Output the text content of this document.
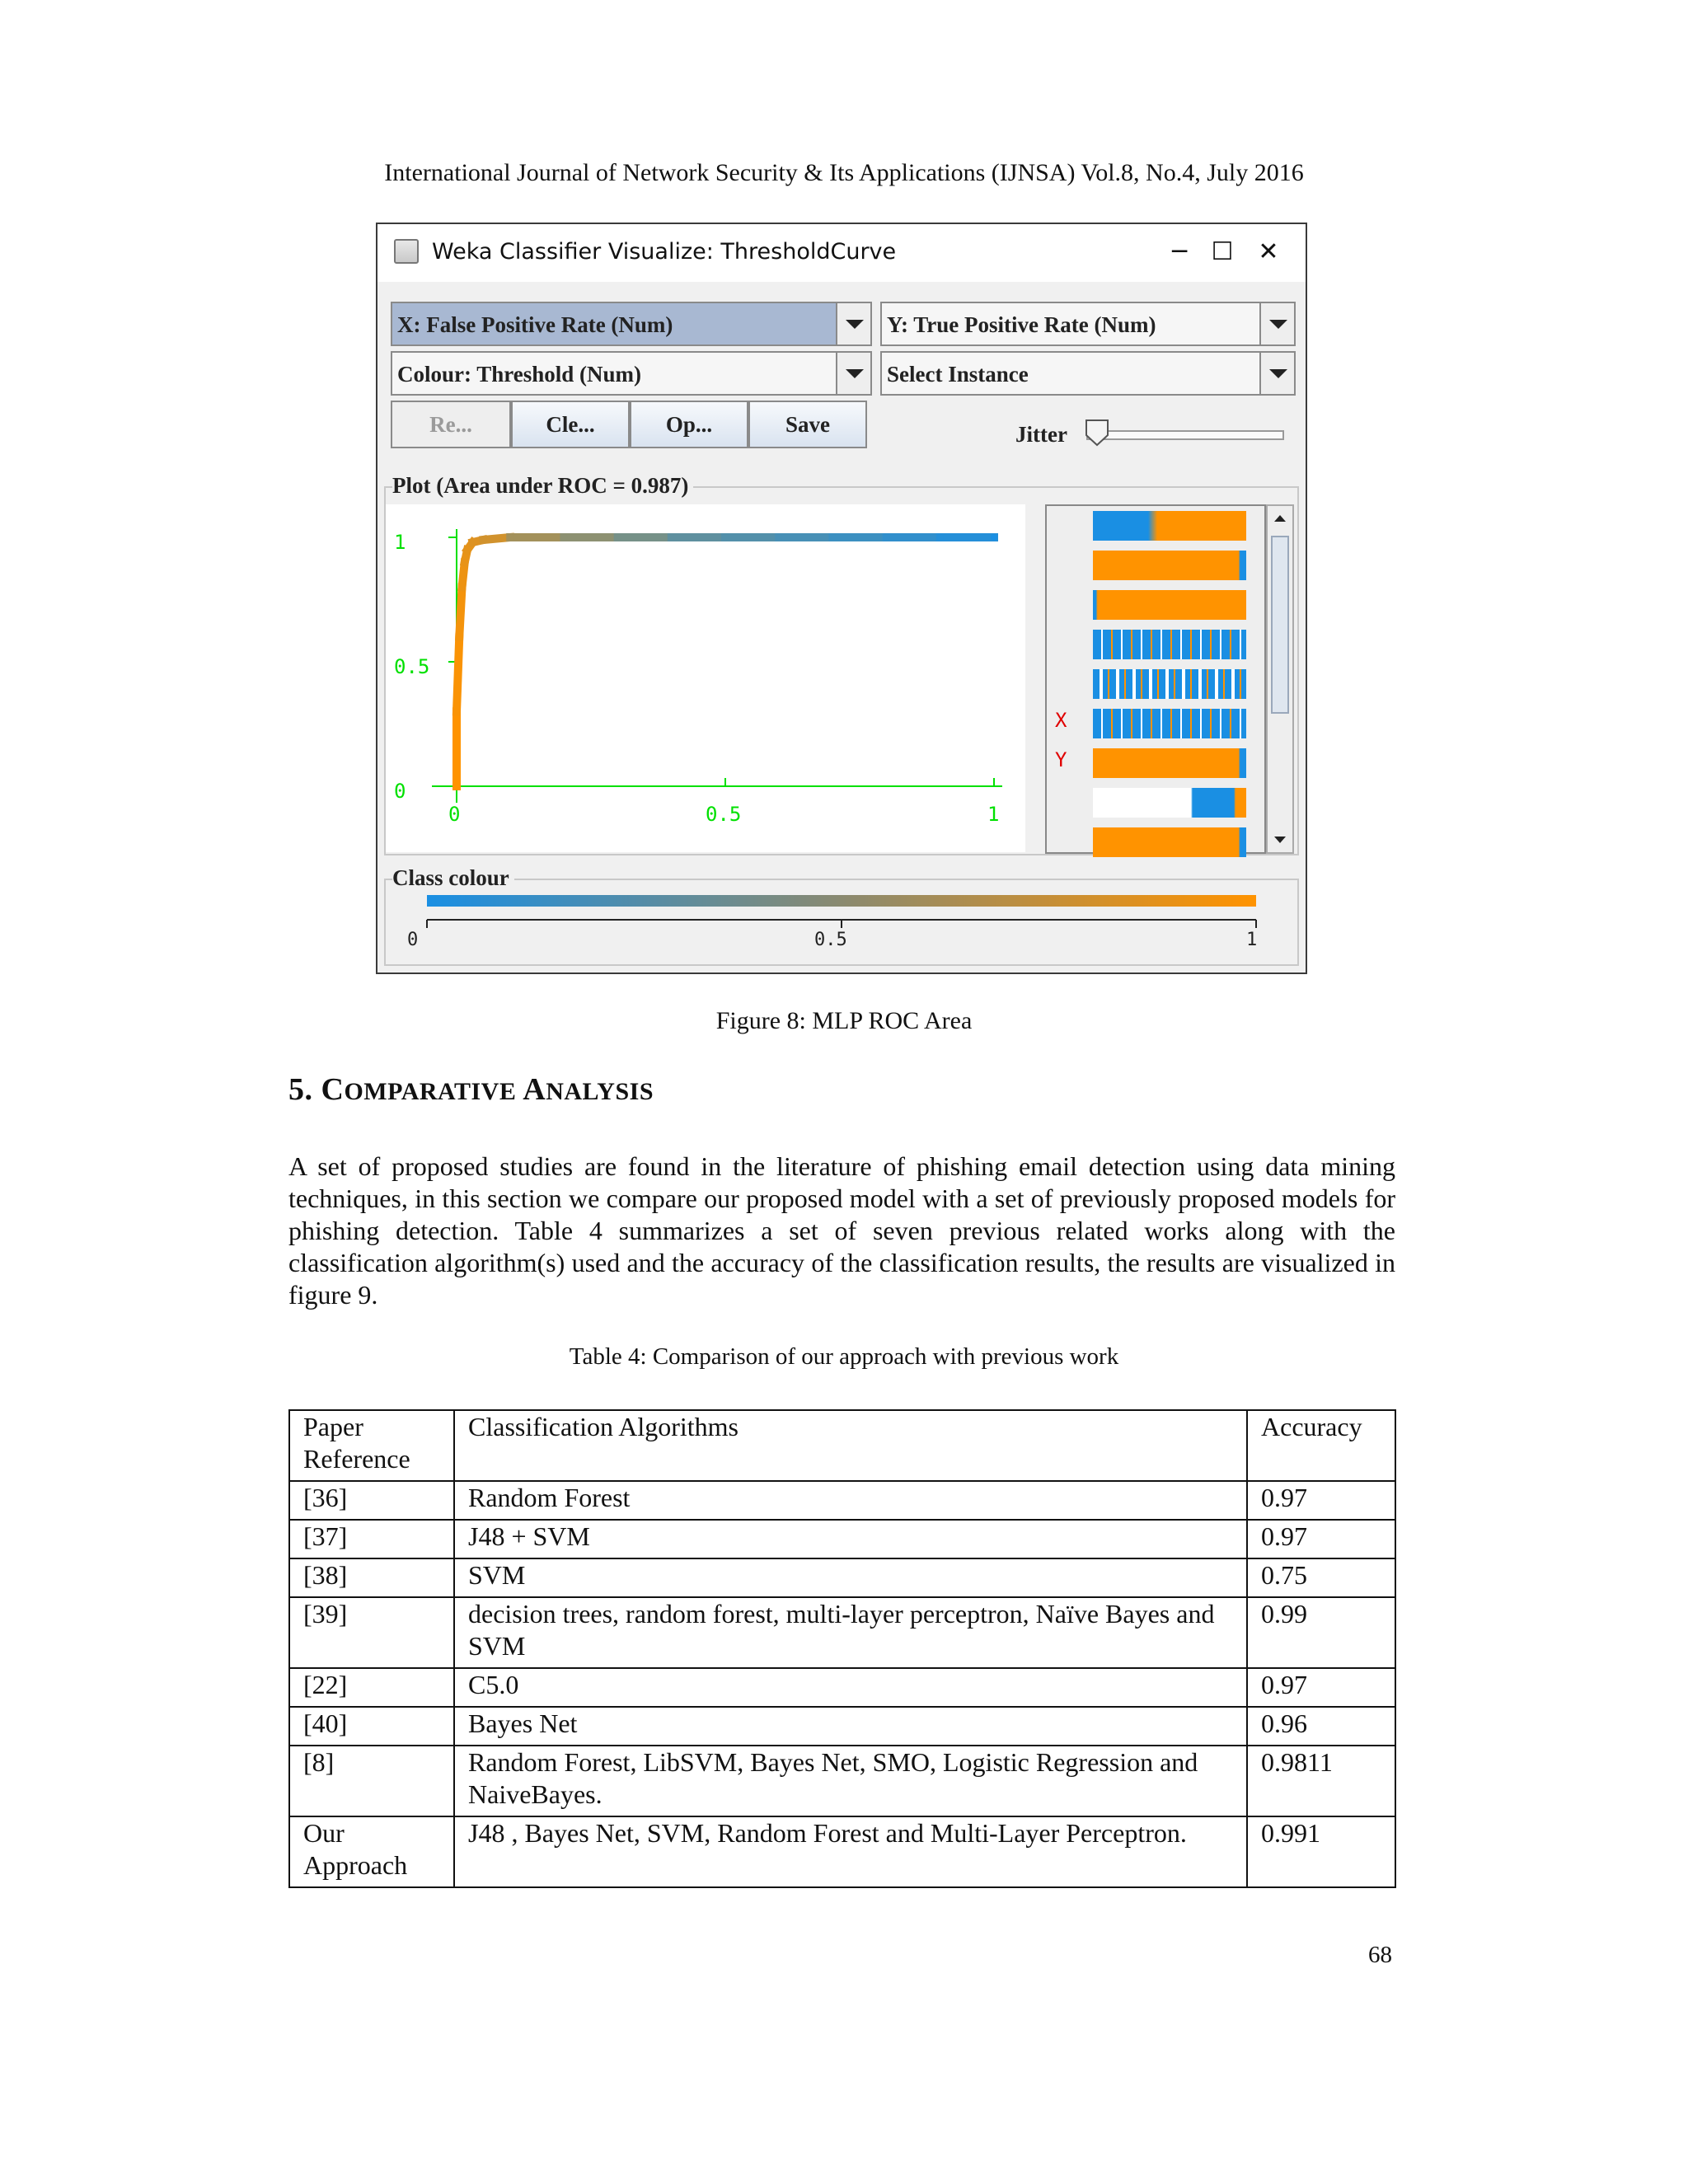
International Journal of Network Security & Its Applications (IJNSA) Vol.8, No.4, July 2016
Weka Classifier Visualize: ThresholdCurve	─ ☐ ✕
X: False Positive Rate (Num)	Y: True Positive Rate (Num)
Colour: Threshold (Num)	Select Instance
Re...	Cle...	Op...	Save	Jitter
Plot (Area under ROC = 0.987)
0
0
0.5
0.5
1
1
X
Y
Class colour
0	0.5	1
Figure 8: MLP ROC Area
5. COMPARATIVE ANALYSIS

A set of proposed studies are found in the literature of phishing email detection using data mining techniques, in this section we compare our proposed model with a set of previously proposed models for phishing detection. Table 4 summarizes a set of seven previous related works along with the classification algorithm(s) used and the accuracy of the classification results, the results are visualized in figure 9.

Table 4: Comparison of our approach with previous work
Paper Reference	Classification Algorithms	Accuracy
[36]	Random Forest	0.97
[37]	J48 + SVM	0.97
[38]	SVM	0.75
[39]	decision trees, random forest, multi-layer perceptron, Naïve Bayes and SVM	0.99
[22]	C5.0	0.97
[40]	Bayes Net	0.96
[8]	Random Forest, LibSVM, Bayes Net, SMO, Logistic Regression and NaiveBayes.	0.9811
Our Approach	J48 , Bayes Net, SVM, Random Forest and Multi-Layer Perceptron.	0.991
68
